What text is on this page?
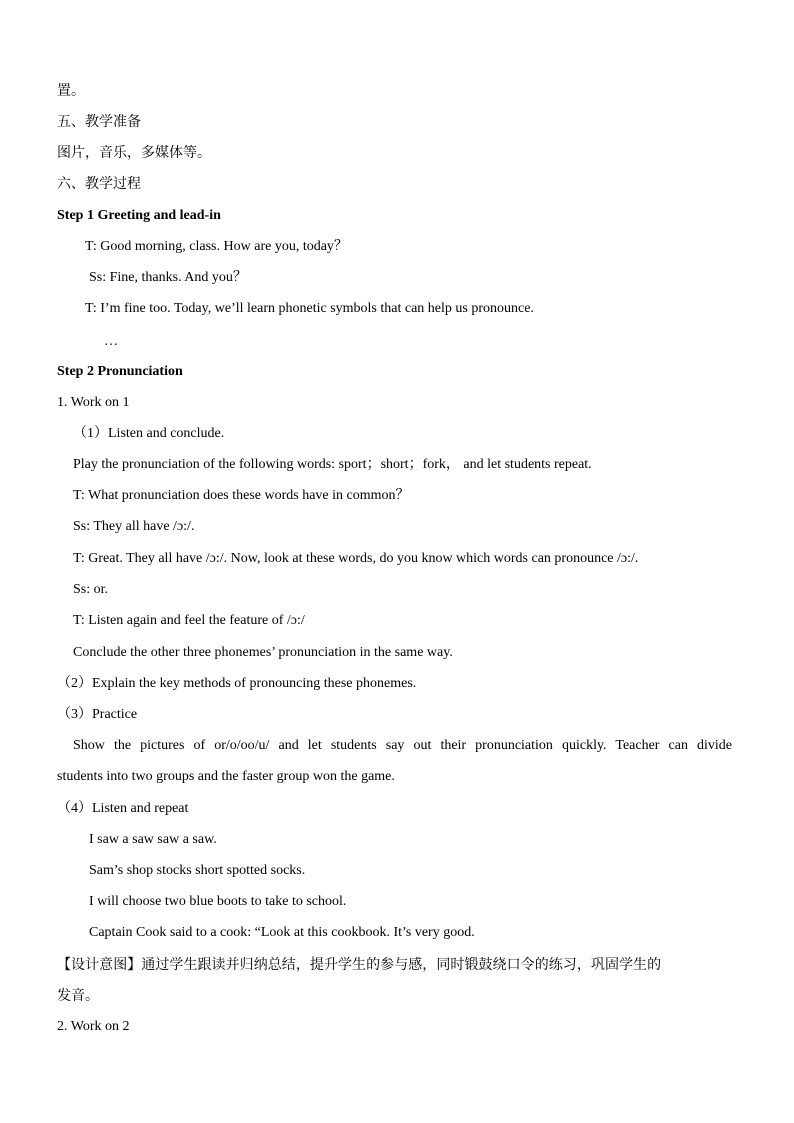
置。
五、教学准备
图片，音乐，多媒体等。
六、教学过程
Step 1 Greeting and lead-in
T: Good morning, class. How are you, today？
Ss: Fine, thanks. And you？
T: I’m fine too. Today, we’ll learn phonetic symbols that can help us pronounce.
…
Step 2 Pronunciation
1. Work on 1
（1）Listen and conclude.
Play the pronunciation of the following words: sport；short；fork， and let students repeat.
T: What pronunciation does these words have in common？
Ss: They all have /ɔ:/.
T: Great. They all have /ɔ:/. Now, look at these words, do you know which words can pronounce /ɔ:/.
Ss: or.
T: Listen again and feel the feature of /ɔ:/
Conclude the other three phonemes’ pronunciation in the same way.
（2）Explain the key methods of pronouncing these phonemes.
（3）Practice
Show the pictures of or/o/oo/u/ and let students say out their pronunciation quickly. Teacher can divide
students into two groups and the faster group won the game.
（4）Listen and repeat
I saw a saw saw a saw.
Sam’s shop stocks short spotted socks.
I will choose two blue boots to take to school.
Captain Cook said to a cook: “Look at this cookbook. It’s very good.
【设计意图】通过学生跟读并归纳总结，提升学生的参与感，同时锻鼓绕口令的练习，巩固学生的
发音。
2. Work on 2
